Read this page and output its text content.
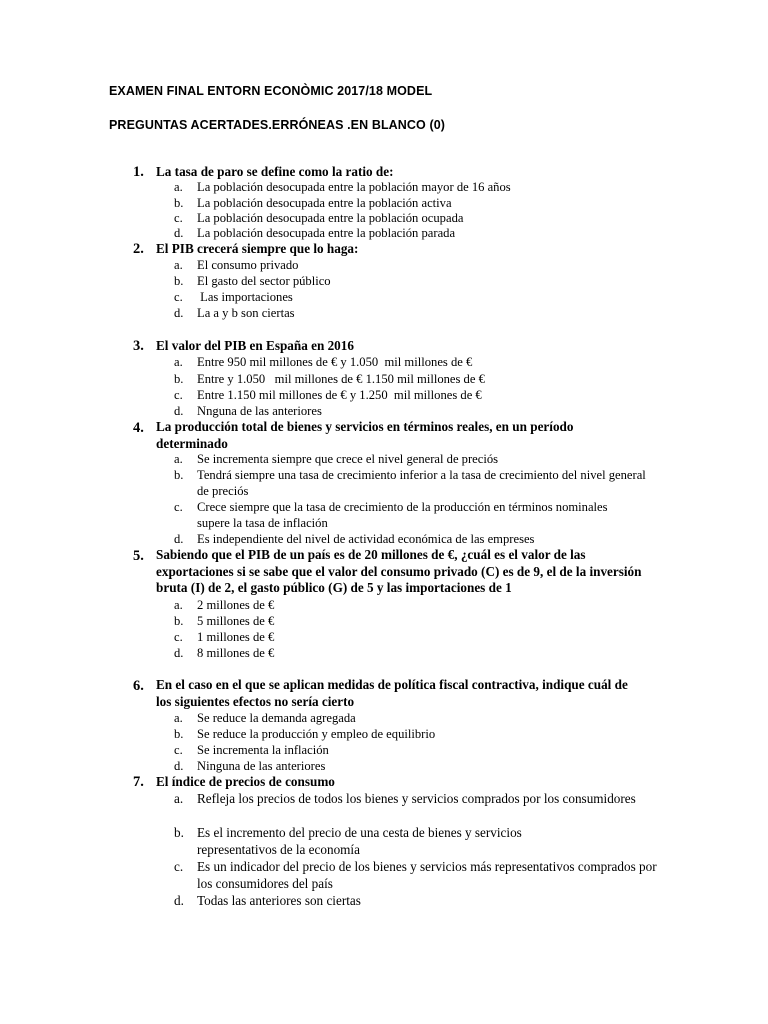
EXAMEN FINAL ENTORN ECONÒMIC 2017/18 MODEL
PREGUNTAS ACERTADES.ERRÓNEAS .EN BLANCO (0)
1. La tasa de paro se define como la ratio de:
a. La población desocupada entre la población mayor de 16 años
b. La población desocupada entre la población activa
c. La población desocupada entre la población ocupada
d. La población desocupada entre la población parada
2. El PIB crecerá siempre que lo haga:
a. El consumo privado
b. El gasto del sector público
c. Las importaciones
d. La a y b son ciertas
3. El valor del PIB en España en 2016
a. Entre 950 mil millones de € y 1.050  mil millones de €
b. Entre y 1.050   mil millones de € 1.150 mil millones de €
c. Entre 1.150 mil millones de € y 1.250  mil millones de €
d. Nnguna de las anteriores
4. La producción total de bienes y servicios en términos reales, en un período determinado
a. Se incrementa siempre que crece el nivel general de preciós
b. Tendrá siempre una tasa de crecimiento inferior a la tasa de crecimiento del nivel general de preciós
c. Crece siempre que la tasa de crecimiento de la producción en términos nominales supere la tasa de inflación
d. Es independiente del nivel de actividad económica de las empreses
5. Sabiendo que el PIB de un país es de 20 millones de €, ¿cuál es el valor de las exportaciones si se sabe que el valor del consumo privado (C) es de 9, el de la inversión bruta (I) de 2, el gasto público (G) de 5 y las importaciones de 1
a. 2 millones de €
b. 5 millones de €
c. 1 millones de €
d. 8 millones de €
6. En el caso en el que se aplican medidas de política fiscal contractiva, indique cuál de los siguientes efectos no sería cierto
a. Se reduce la demanda agregada
b. Se reduce la producción y empleo de equilibrio
c. Se incrementa la inflación
d. Ninguna de las anteriores
7. El índice de precios de consumo
a. Refleja los precios de todos los bienes y servicios comprados por los consumidores
b. Es el incremento del precio de una cesta de bienes y servicios representativos de la economía
c. Es un indicador del precio de los bienes y servicios más representativos comprados por los consumidores del país
d. Todas las anteriores son ciertas
